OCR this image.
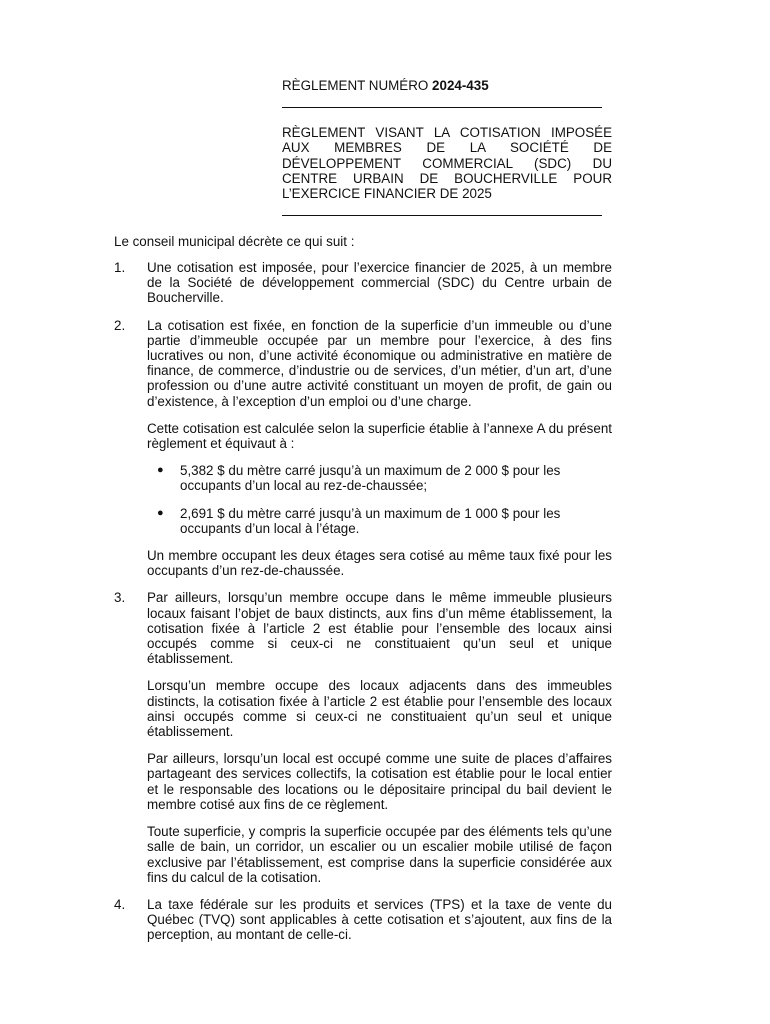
RÈGLEMENT NUMÉRO 2024-435

RÈGLEMENT VISANT LA COTISATION IMPOSÉE AUX MEMBRES DE LA SOCIÉTÉ DE DÉVELOPPEMENT COMMERCIAL (SDC) DU CENTRE URBAIN DE BOUCHERVILLE POUR L’EXERCICE FINANCIER DE 2025
Le conseil municipal décrète ce qui suit :
1.	Une cotisation est imposée, pour l’exercice financier de 2025, à un membre de la Société de développement commercial (SDC) du Centre urbain de Boucherville.

2.	La cotisation est fixée, en fonction de la superficie d’un immeuble ou d’une partie d’immeuble occupée par un membre pour l’exercice, à des fins lucratives ou non, d’une activité économique ou administrative en matière de finance, de commerce, d’industrie ou de services, d’un métier, d’un art, d’une profession ou d’une autre activité constituant un moyen de profit, de gain ou d’existence, à l’exception d’un emploi ou d’une charge.

Cette cotisation est calculée selon la superficie établie à l’annexe A du présent règlement et équivaut à :

●	5,382 $ du mètre carré jusqu’à un maximum de 2 000 $ pour les occupants d’un local au rez-de-chaussée;
●	2,691 $ du mètre carré jusqu’à un maximum de 1 000 $ pour les occupants d’un local à l’étage.

Un membre occupant les deux étages sera cotisé au même taux fixé pour les occupants d’un rez-de-chaussée.

3.	Par ailleurs, lorsqu’un membre occupe dans le même immeuble plusieurs locaux faisant l’objet de baux distincts, aux fins d’un même établissement, la cotisation fixée à l’article 2 est établie pour l’ensemble des locaux ainsi occupés comme si ceux-ci ne constituaient qu’un seul et unique établissement.

Lorsqu’un membre occupe des locaux adjacents dans des immeubles distincts, la cotisation fixée à l’article 2 est établie pour l’ensemble des locaux ainsi occupés comme si ceux-ci ne constituaient qu’un seul et unique établissement.

Par ailleurs, lorsqu’un local est occupé comme une suite de places d’affaires partageant des services collectifs, la cotisation est établie pour le local entier et le responsable des locations ou le dépositaire principal du bail devient le membre cotisé aux fins de ce règlement.

Toute superficie, y compris la superficie occupée par des éléments tels qu’une salle de bain, un corridor, un escalier ou un escalier mobile utilisé de façon exclusive par l’établissement, est comprise dans la superficie considérée aux fins du calcul de la cotisation.

4.	La taxe fédérale sur les produits et services (TPS) et la taxe de vente du Québec (TVQ) sont applicables à cette cotisation et s’ajoutent, aux fins de la perception, au montant de celle-ci.
